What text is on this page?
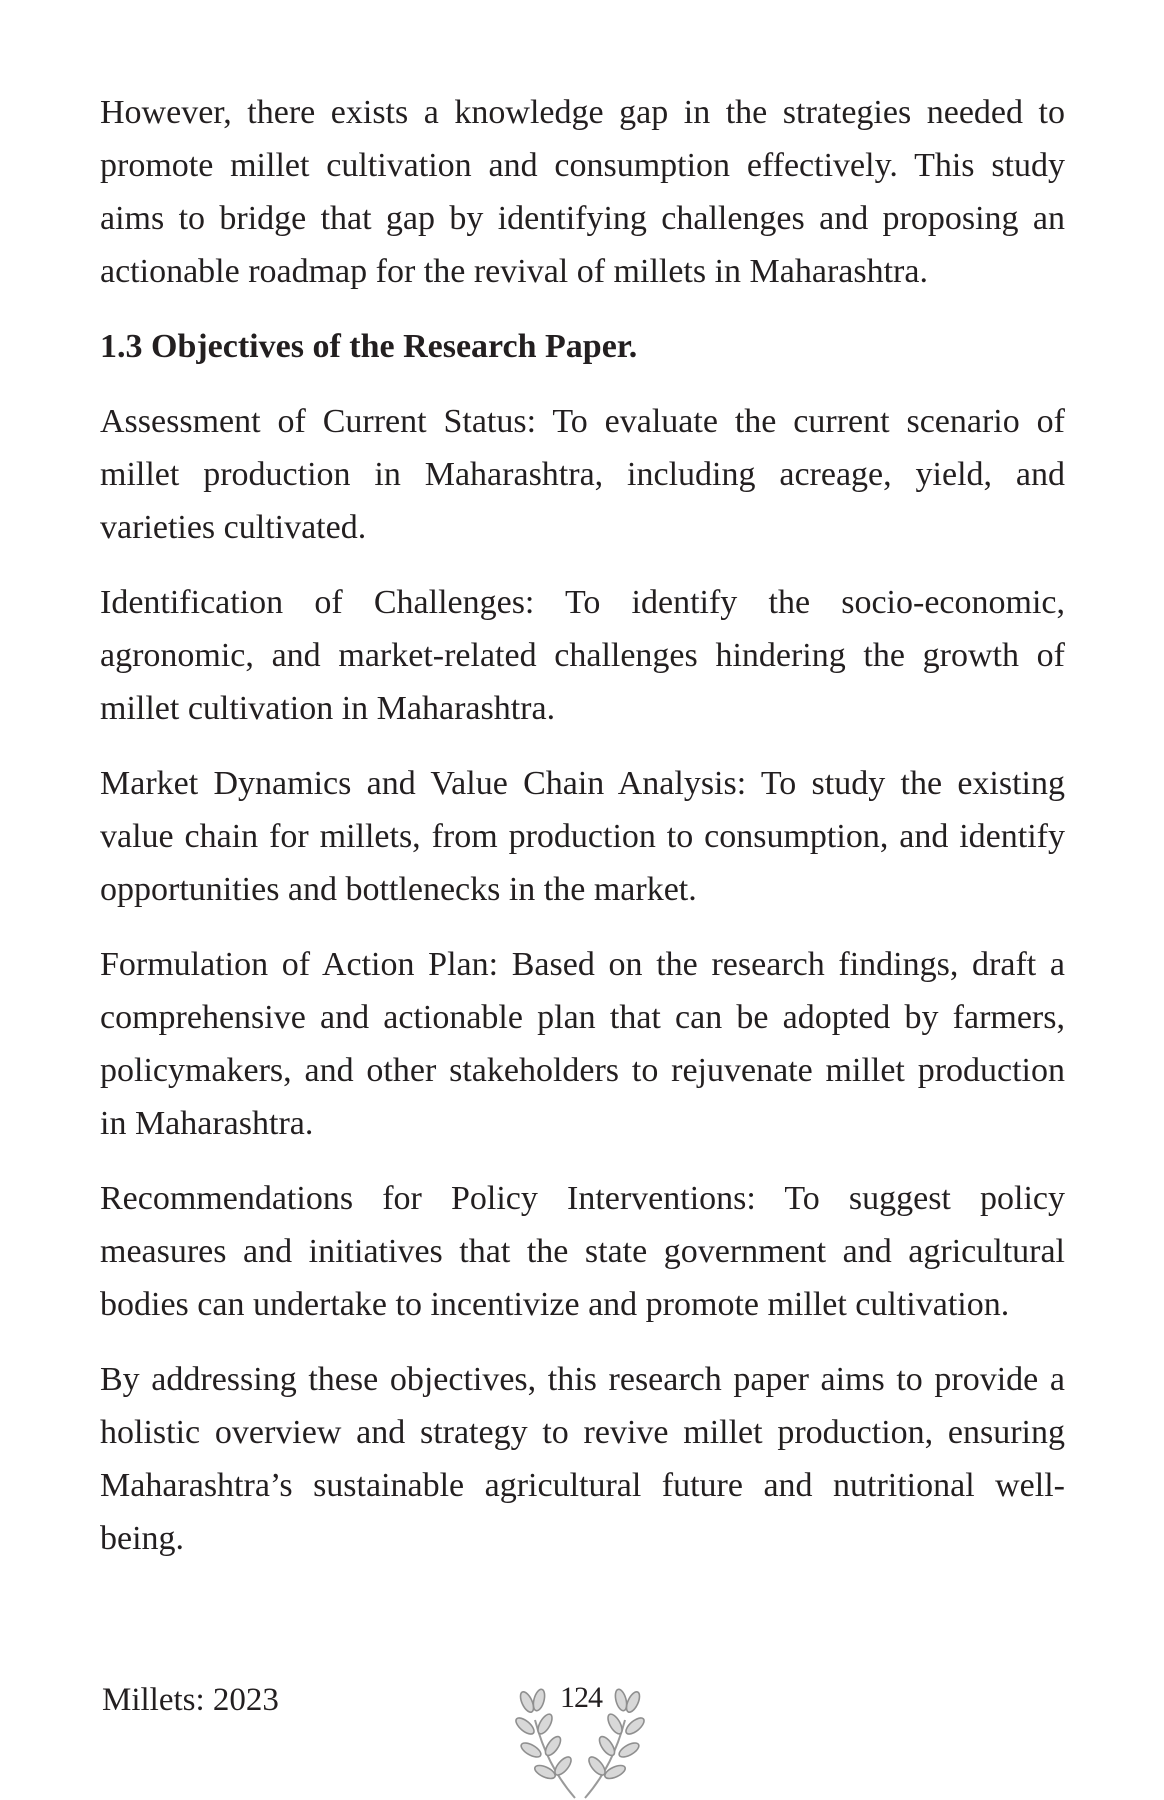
However, there exists a knowledge gap in the strategies needed to promote millet cultivation and consumption effectively. This study aims to bridge that gap by identifying challenges and proposing an actionable roadmap for the revival of millets in Maharashtra.

1.3 Objectives of the Research Paper.

Assessment of Current Status: To evaluate the current scenario of millet production in Maharashtra, including acreage, yield, and varieties cultivated.

Identification of Challenges: To identify the socio-economic, agronomic, and market-related challenges hindering the growth of millet cultivation in Maharashtra.

Market Dynamics and Value Chain Analysis: To study the existing value chain for millets, from production to consumption, and identify opportunities and bottlenecks in the market.

Formulation of Action Plan: Based on the research findings, draft a comprehensive and actionable plan that can be adopted by farmers, policymakers, and other stakeholders to rejuvenate millet production in Maharashtra.

Recommendations for Policy Interventions: To suggest policy measures and initiatives that the state government and agricultural bodies can undertake to incentivize and promote millet cultivation.

By addressing these objectives, this research paper aims to provide a holistic overview and strategy to revive millet production, ensuring Maharashtra’s sustainable agricultural future and nutritional well-being.

Millets: 2023	124
